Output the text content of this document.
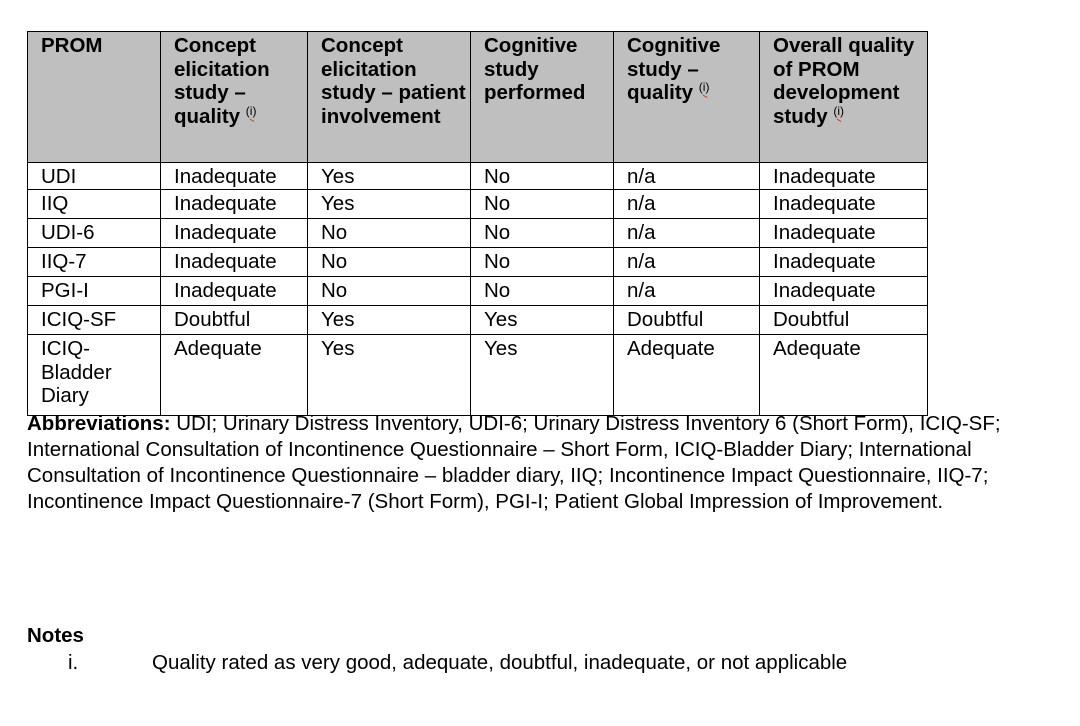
PROM	Concept elicitation study – quality (i)	Concept elicitation study – patient involvement	Cognitive study performed	Cognitive study – quality (i)	Overall quality of PROM development study (i)
UDI	Inadequate	Yes	No	n/a	Inadequate
IIQ	Inadequate	Yes	No	n/a	Inadequate
UDI-6	Inadequate	No	No	n/a	Inadequate
IIQ-7	Inadequate	No	No	n/a	Inadequate
PGI-I	Inadequate	No	No	n/a	Inadequate
ICIQ-SF	Doubtful	Yes	Yes	Doubtful	Doubtful
ICIQ-Bladder Diary	Adequate	Yes	Yes	Adequate	Adequate
Abbreviations: UDI; Urinary Distress Inventory, UDI-6; Urinary Distress Inventory 6 (Short Form), ICIQ-SF; International Consultation of Incontinence Questionnaire – Short Form, ICIQ-Bladder Diary; International Consultation of Incontinence Questionnaire – bladder diary, IIQ; Incontinence Impact Questionnaire, IIQ-7; Incontinence Impact Questionnaire-7 (Short Form), PGI-I; Patient Global Impression of Improvement.
Notes
i.	Quality rated as very good, adequate, doubtful, inadequate, or not applicable
